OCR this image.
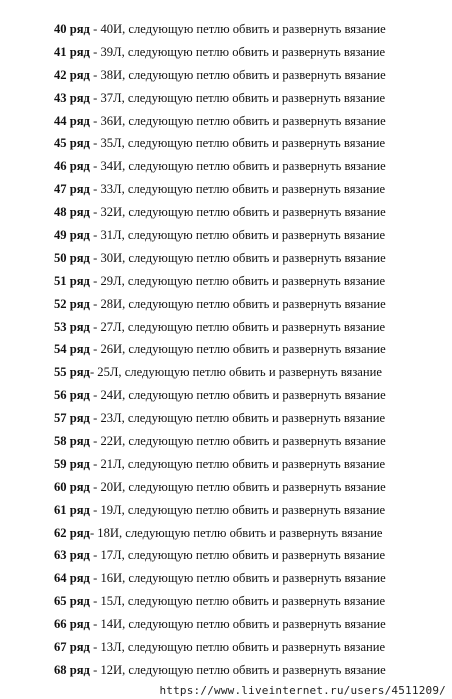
40 ряд - 40И, следующую петлю обвить и развернуть вязание
41 ряд - 39Л, следующую петлю обвить и развернуть вязание
42 ряд - 38И, следующую петлю обвить и развернуть вязание
43 ряд - 37Л, следующую петлю обвить и развернуть вязание
44 ряд - 36И, следующую петлю обвить и развернуть вязание
45 ряд - 35Л, следующую петлю обвить и развернуть вязание
46 ряд - 34И, следующую петлю обвить и развернуть вязание
47 ряд - 33Л, следующую петлю обвить и развернуть вязание
48 ряд - 32И, следующую петлю обвить и развернуть вязание
49 ряд - 31Л, следующую петлю обвить и развернуть вязание
50 ряд - 30И, следующую петлю обвить и развернуть вязание
51 ряд - 29Л, следующую петлю обвить и развернуть вязание
52 ряд - 28И, следующую петлю обвить и развернуть вязание
53 ряд - 27Л, следующую петлю обвить и развернуть вязание
54 ряд - 26И, следующую петлю обвить и развернуть вязание
55 ряд- 25Л, следующую петлю обвить и развернуть вязание
56 ряд - 24И, следующую петлю обвить и развернуть вязание
57 ряд - 23Л, следующую петлю обвить и развернуть вязание
58 ряд - 22И, следующую петлю обвить и развернуть вязание
59 ряд - 21Л, следующую петлю обвить и развернуть вязание
60 ряд - 20И, следующую петлю обвить и развернуть вязание
61 ряд - 19Л, следующую петлю обвить и развернуть вязание
62 ряд- 18И, следующую петлю обвить и развернуть вязание
63 ряд - 17Л, следующую петлю обвить и развернуть вязание
64 ряд - 16И, следующую петлю обвить и развернуть вязание
65 ряд - 15Л, следующую петлю обвить и развернуть вязание
66 ряд - 14И, следующую петлю обвить и развернуть вязание
67 ряд - 13Л, следующую петлю обвить и развернуть вязание
68 ряд - 12И, следующую петлю обвить и развернуть вязание
https://www.liveinternet.ru/users/4511209/
